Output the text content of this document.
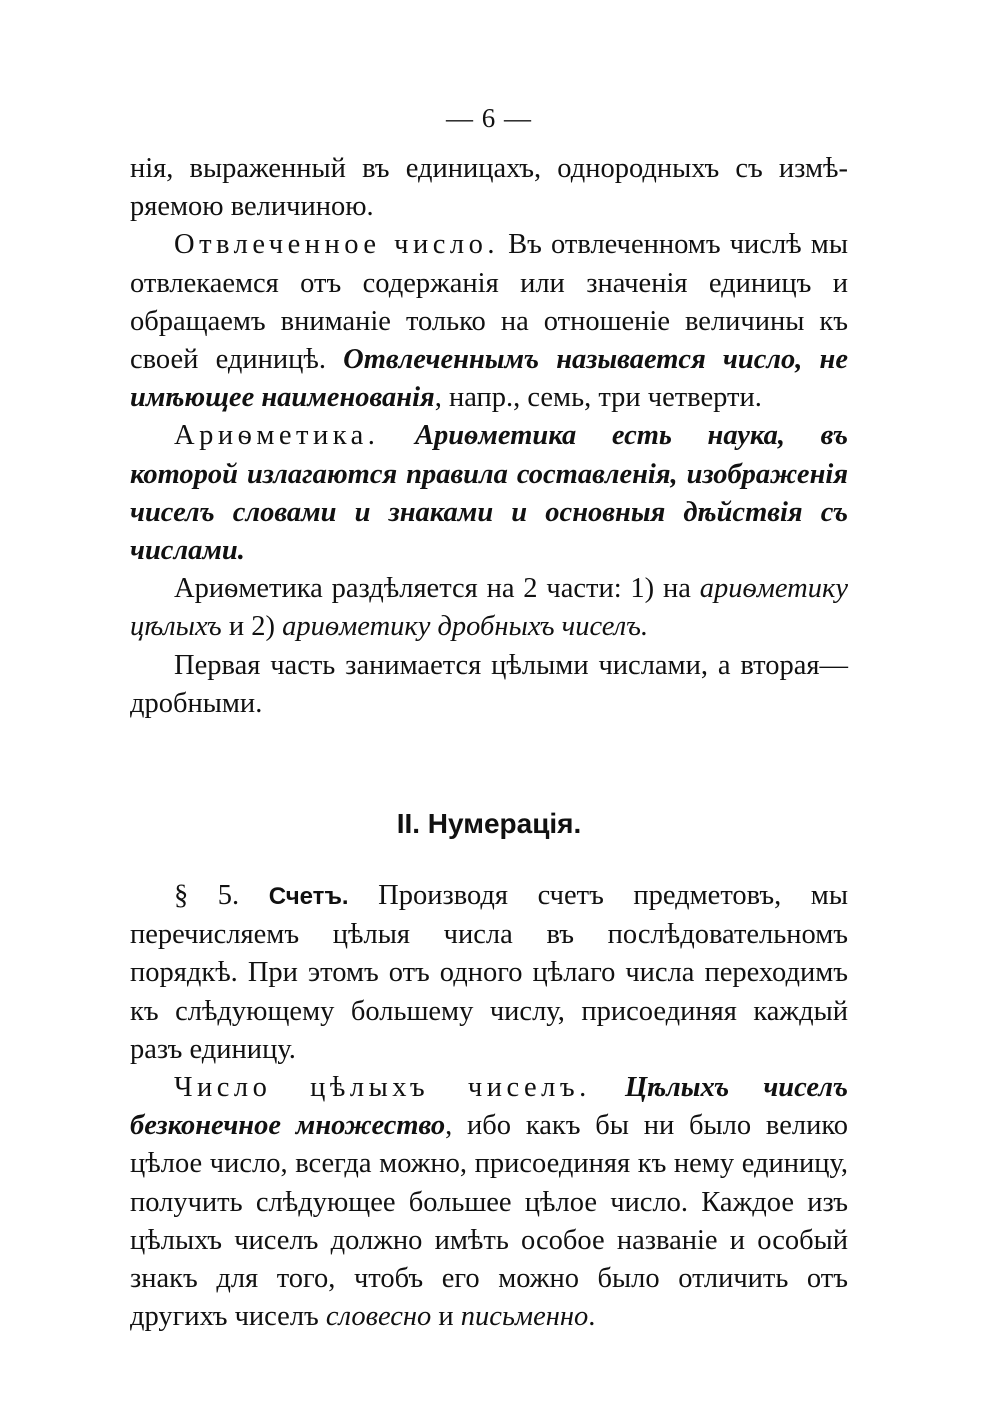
— 6 —

нія, выраженный въ единицахъ, однородныхъ съ измѣряемою величиною.

Отвлеченное число. Въ отвлеченномъ числѣ мы отвлекаемся отъ содержанія или значенія единицъ и обращаемъ вниманіе только на отношеніе величины къ своей единицѣ. Отвлеченнымъ называется число, не имѣющее наименованія, напр., семь, три четверти.

Ариѳметика. Ариѳметика есть наука, въ которой излагаются правила составленія, изображенія чиселъ словами и знаками и основныя дѣйствія съ числами.

Ариѳметика раздѣляется на 2 части: 1) на ариѳметику цѣлыхъ и 2) ариѳметику дробныхъ чиселъ.

Первая часть занимается цѣлыми числами, а вторая—дробными.

II. Нумерація.

§ 5. Счетъ. Производя счетъ предметовъ, мы перечисляемъ цѣлыя числа въ послѣдовательномъ порядкѣ. При этомъ отъ одного цѣлаго числа переходимъ къ слѣдующему большему числу, присоединяя каждый разъ единицу.

Число цѣлыхъ чиселъ. Цѣлыхъ чиселъ безконечное множество, ибо какъ бы ни было велико цѣлое число, всегда можно, присоединяя къ нему единицу, получить слѣдующее большее цѣлое число. Каждое изъ цѣлыхъ чиселъ должно имѣть особое названіе и особый знакъ для того, чтобъ его можно было отличить отъ другихъ чиселъ словесно и письменно.
